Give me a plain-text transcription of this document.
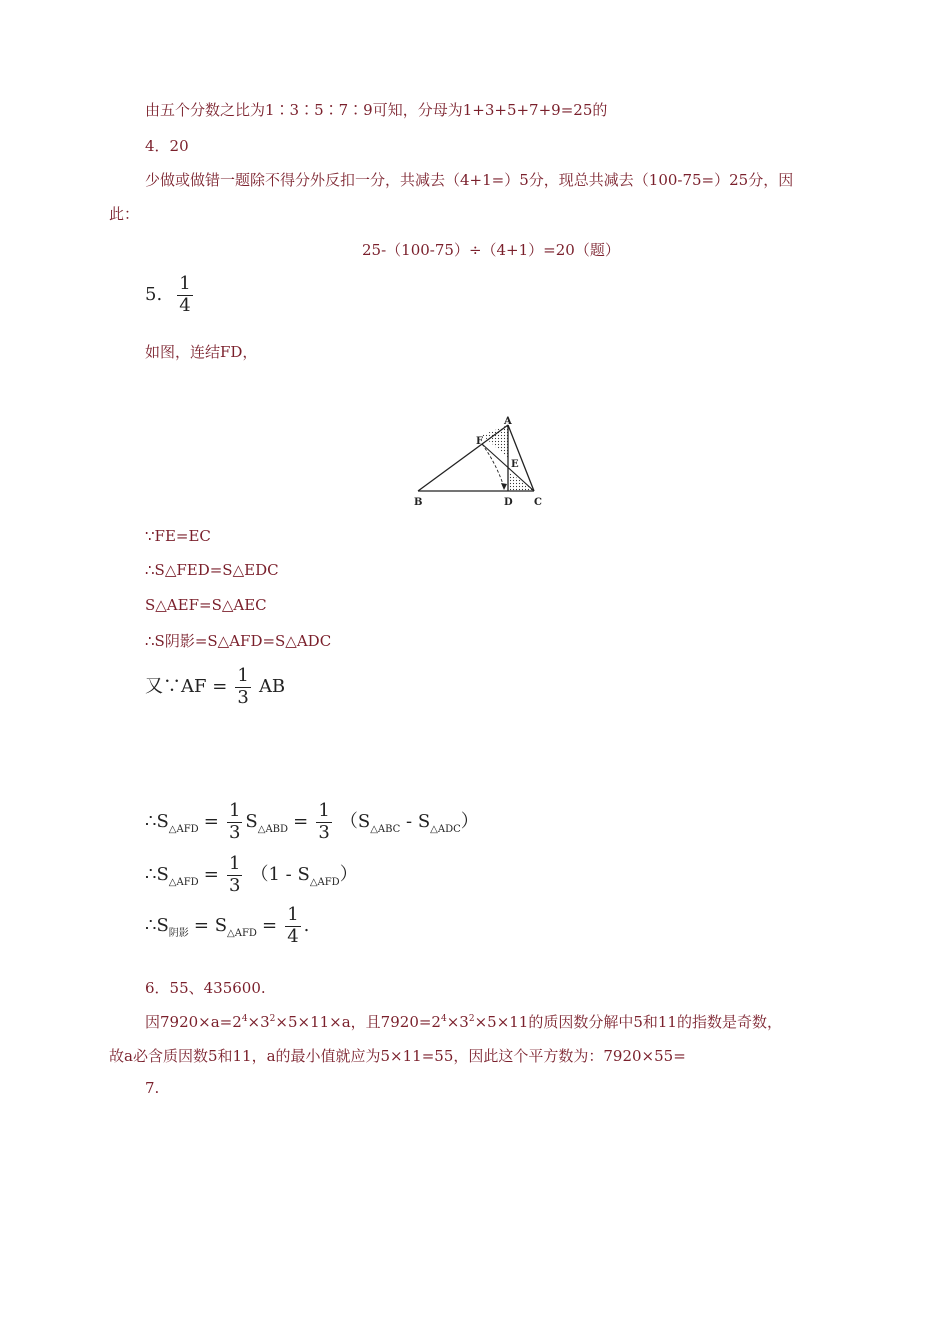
由五个分数之比为1∶3∶5∶7∶9可知，分母为1+3+5+7+9=25的
4．20
少做或做错一题除不得分外反扣一分，共减去（4+1=）5分，现总共减去（100-75=）25分，因
此：
25-（100-75）÷（4+1）=20（题）
5. $\frac{1}{4}$
如图，连结FD，
A
F
E
B	D C
∵FE=EC
∴S△FED=S△EDC
S△AEF=S△AEC
∴S阴影=S△AFD=S△ADC
又∵AF = $\frac{1}{3}$ AB
$\therefore S_{\triangle AFD} = \frac{1}{3} S_{\triangle ABD} = \frac{1}{3} (S_{\triangle ABC} - S_{\triangle ADC})$
$\therefore S_{\triangle AFD} = \frac{1}{3} (1 - S_{\triangle AFD})$
$\therefore S_{阴影} = S_{\triangle AFD} = \frac{1}{4}$ .
6．55、435600.
因$7920\times a=2^4\times 3^2\times 5\times 11\times a$，且$7920=2^4\times 3^2\times 5\times 11$的质因数分解中5和11的指数是奇数，
故a必含质因数5和11，a的最小值就应为5×11=55，因此这个平方数为：7920×55=
7.
